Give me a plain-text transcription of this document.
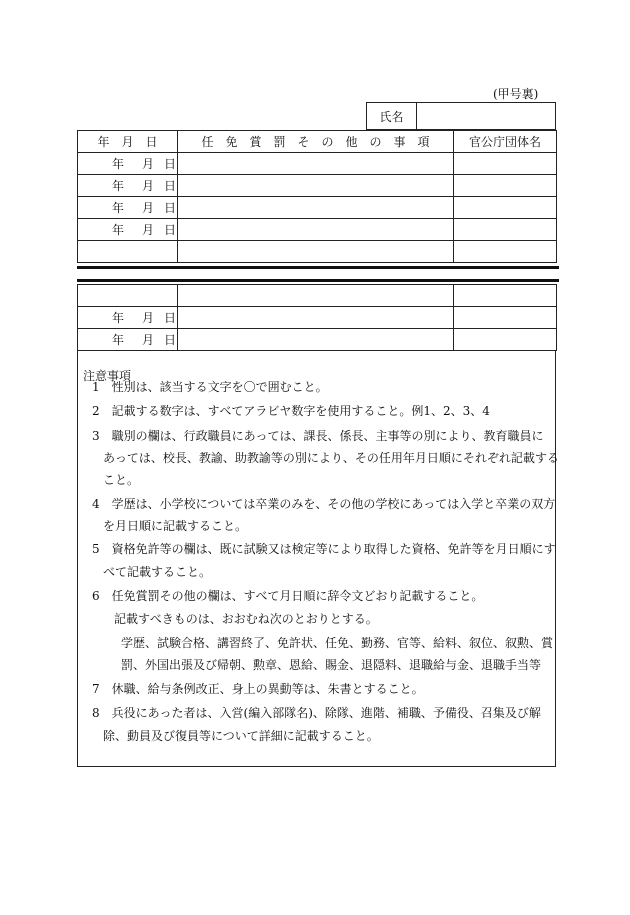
(甲号裏)
氏名
年　月　日	任　免　賞　罰　そ　の　他　の　事　項	官公庁団体名
年 月 日		
年 月 日		
年 月 日		
年 月 日		

年 月 日		
年 月 日		
注意事項
1　性別は、該当する文字を〇で囲むこと。
2　記載する数字は、すべてアラビヤ数字を使用すること。例1、2、3、4
3　職別の欄は、行政職員にあっては、課長、係長、主事等の別により、教育職員に
あっては、校長、教諭、助教諭等の別により、その任用年月日順にそれぞれ記載する
こと。
4　学歴は、小学校については卒業のみを、その他の学校にあっては入学と卒業の双方
を月日順に記載すること。
5　資格免許等の欄は、既に試験又は検定等により取得した資格、免許等を月日順にす
べて記載すること。
6　任免賞罰その他の欄は、すべて月日順に辞令文どおり記載すること。
記載すべきものは、おおむね次のとおりとする。
学歴、試験合格、講習終了、免許状、任免、勤務、官等、給料、叙位、叙勲、賞
罰、外国出張及び帰朝、勲章、恩給、賜金、退隠料、退職給与金、退職手当等
7　休職、給与条例改正、身上の異動等は、朱書とすること。
8　兵役にあった者は、入営(編入部隊名)、除隊、進階、補職、予備役、召集及び解
除、動員及び復員等について詳細に記載すること。
